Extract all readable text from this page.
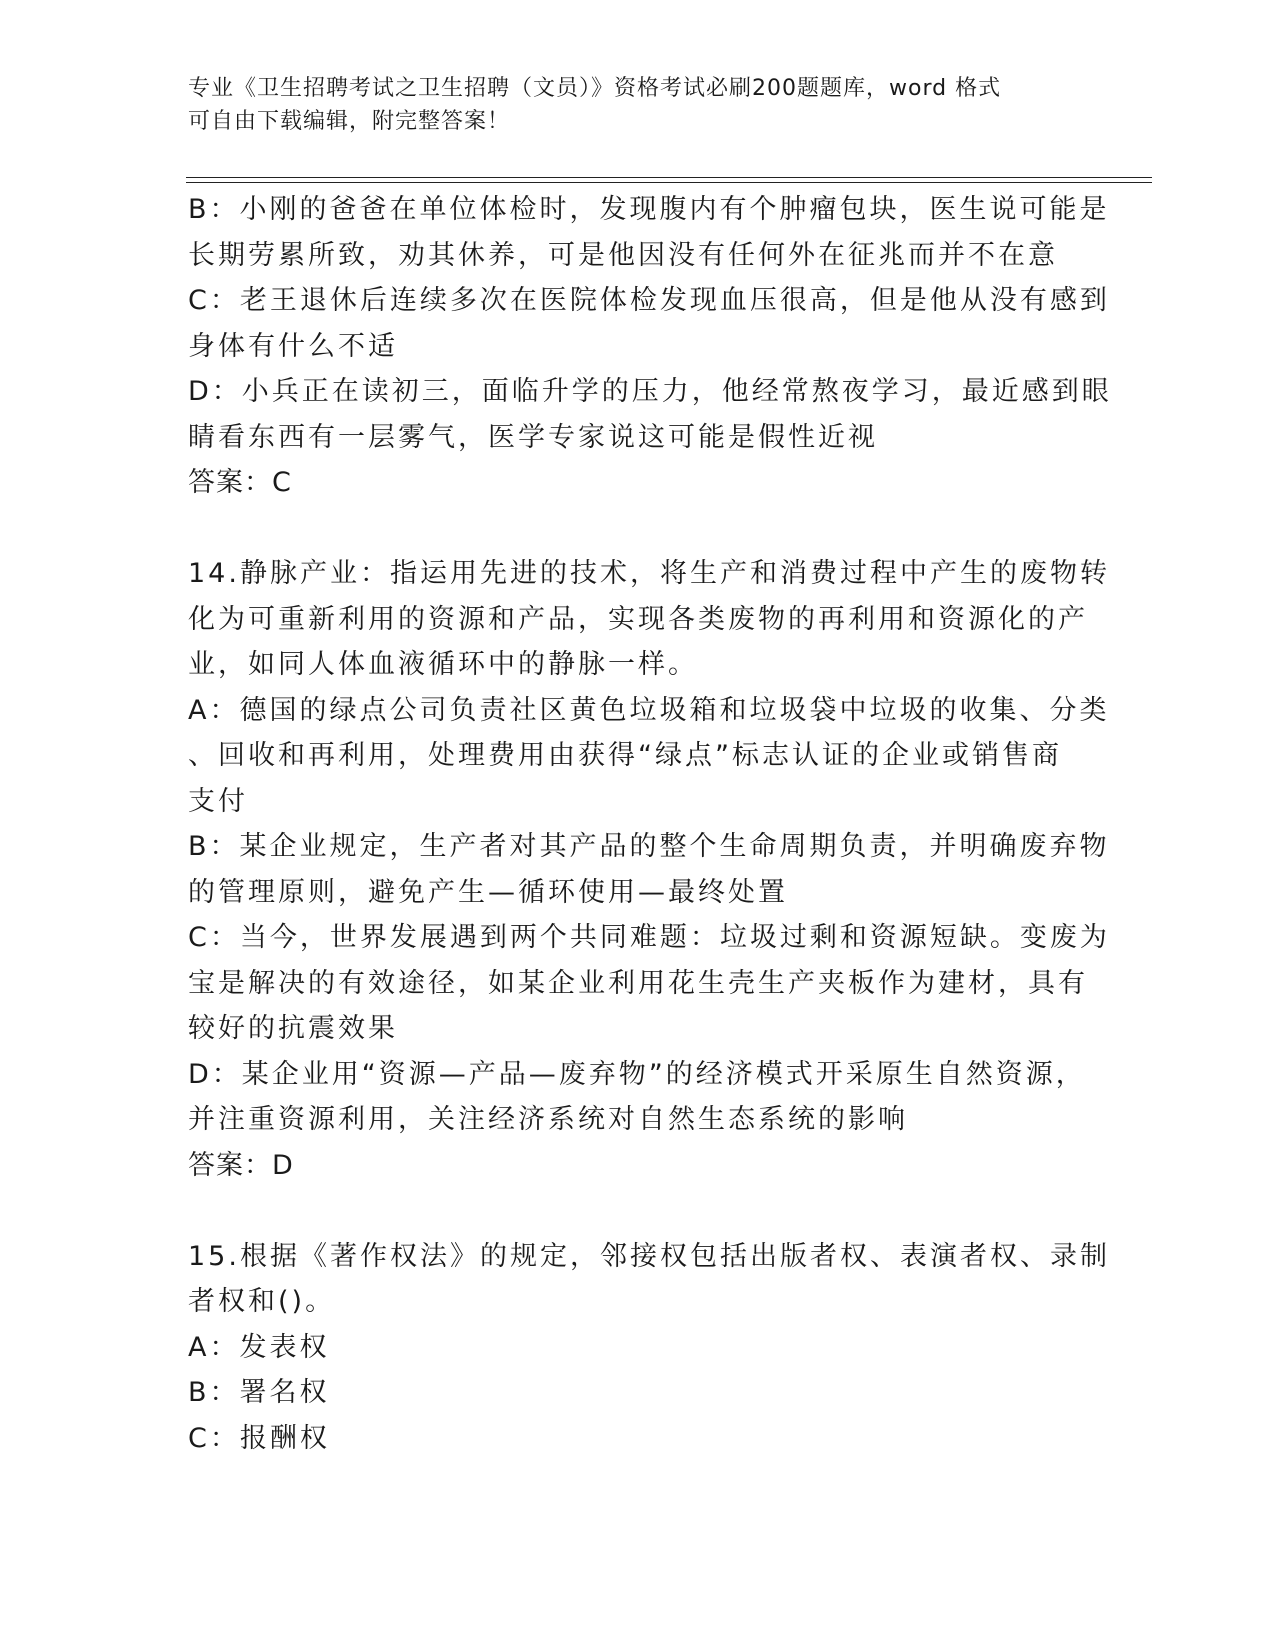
专业《卫生招聘考试之卫生招聘（文员）》资格考试必刷200题题库，word 格式
可自由下载编辑，附完整答案！
B：小刚的爸爸在单位体检时，发现腹内有个肿瘤包块，医生说可能是
长期劳累所致，劝其休养，可是他因没有任何外在征兆而并不在意
C：老王退休后连续多次在医院体检发现血压很高，但是他从没有感到
身体有什么不适
D：小兵正在读初三，面临升学的压力，他经常熬夜学习，最近感到眼
睛看东西有一层雾气，医学专家说这可能是假性近视
答案：C
14.静脉产业：指运用先进的技术，将生产和消费过程中产生的废物转
化为可重新利用的资源和产品，实现各类废物的再利用和资源化的产
业，如同人体血液循环中的静脉一样。
A：德国的绿点公司负责社区黄色垃圾箱和垃圾袋中垃圾的收集、分类
、回收和再利用，处理费用由获得“绿点”标志认证的企业或销售商
支付
B：某企业规定，生产者对其产品的整个生命周期负责，并明确废弃物
的管理原则，避免产生—循环使用—最终处置
C：当今，世界发展遇到两个共同难题：垃圾过剩和资源短缺。变废为
宝是解决的有效途径，如某企业利用花生壳生产夹板作为建材，具有
较好的抗震效果
D：某企业用“资源—产品—废弃物”的经济模式开采原生自然资源，
并注重资源利用，关注经济系统对自然生态系统的影响
答案：D
15.根据《著作权法》的规定，邻接权包括出版者权、表演者权、录制
者权和()。
A：发表权
B：署名权
C：报酬权
